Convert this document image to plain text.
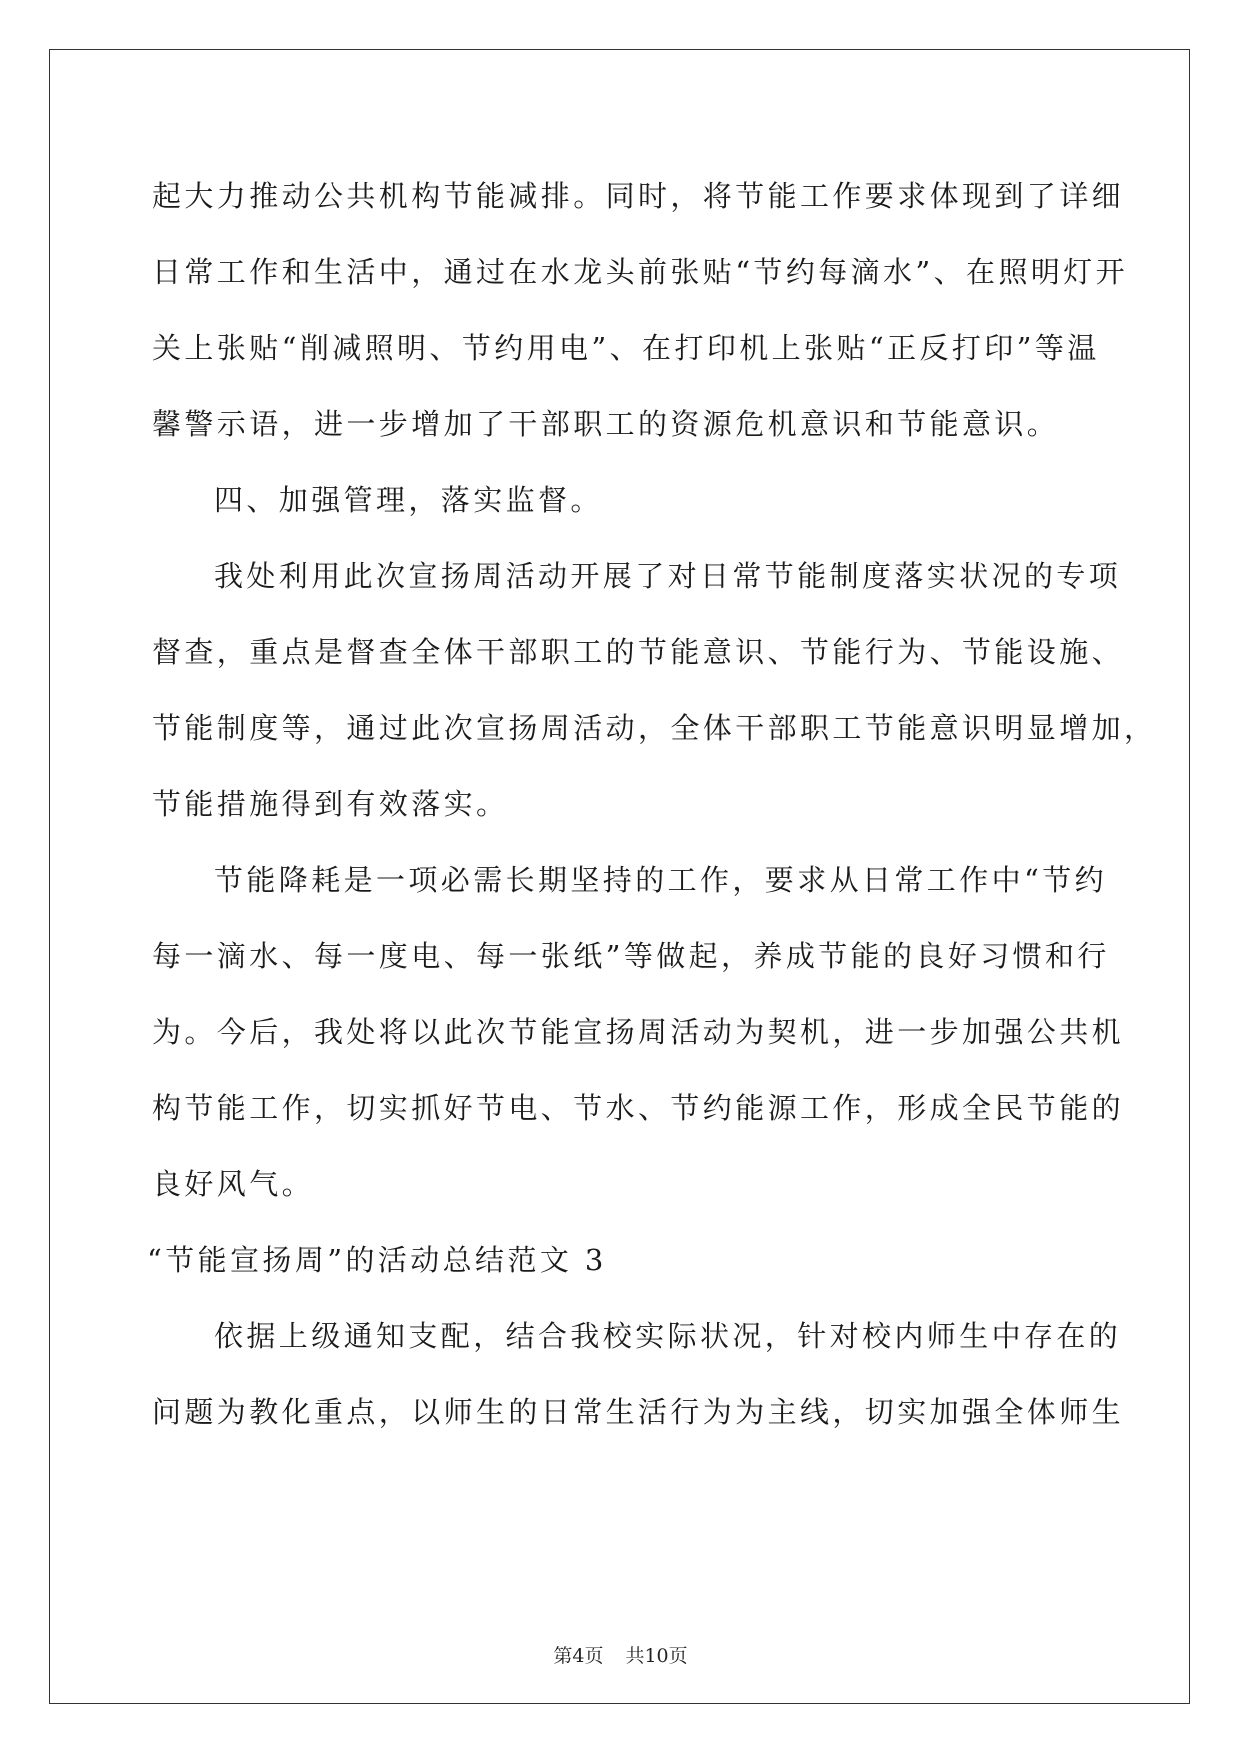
起大力推动公共机构节能减排。同时，将节能工作要求体现到了详细
日常工作和生活中，通过在水龙头前张贴“节约每滴水”、在照明灯开
关上张贴“削减照明、节约用电”、在打印机上张贴“正反打印”等温
馨警示语，进一步增加了干部职工的资源危机意识和节能意识。
四、加强管理，落实监督。
我处利用此次宣扬周活动开展了对日常节能制度落实状况的专项
督查，重点是督查全体干部职工的节能意识、节能行为、节能设施、
节能制度等，通过此次宣扬周活动，全体干部职工节能意识明显增加，
节能措施得到有效落实。
节能降耗是一项必需长期坚持的工作，要求从日常工作中“节约
每一滴水、每一度电、每一张纸”等做起，养成节能的良好习惯和行
为。今后，我处将以此次节能宣扬周活动为契机，进一步加强公共机
构节能工作，切实抓好节电、节水、节约能源工作，形成全民节能的
良好风气。
“节能宣扬周”的活动总结范文 3
依据上级通知支配，结合我校实际状况，针对校内师生中存在的
问题为教化重点，以师生的日常生活行为为主线，切实加强全体师生
第4页 共10页
